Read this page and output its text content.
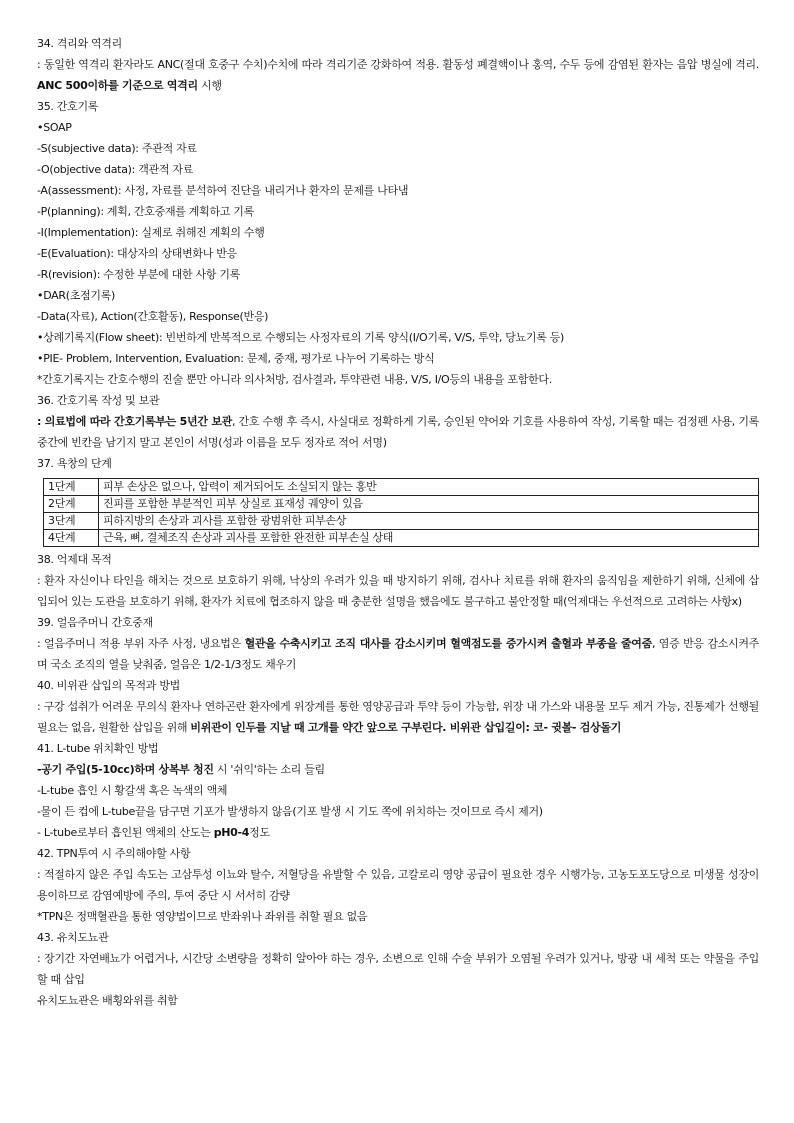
34. 격리와 역격리
: 동일한 역격리 환자라도 ANC(절대 호중구 수치)수치에 따라 격리기준 강화하여 적용. 활동성 폐결핵이나 홍역, 수두 등에 감염된 환자는 음압 병실에 격리. ANC 500이하를 기준으로 역격리 시행
35. 간호기록
•SOAP
-S(subjective data): 주관적 자료
-O(objective data): 객관적 자료
-A(assessment): 사정, 자료를 분석하여 진단을 내리거나 환자의 문제를 나타냄
-P(planning): 계획, 간호중재를 계획하고 기록
-I(Implementation): 실제로 취해진 계획의 수행
-E(Evaluation): 대상자의 상태변화나 반응
-R(revision): 수정한 부분에 대한 사항 기록
•DAR(초점기록)
-Data(자료), Action(간호활동), Response(반응)
•상례기록지(Flow sheet): 빈번하게 반복적으로 수행되는 사정자료의 기록 양식(I/O기록, V/S, 투약, 당뇨기록 등)
•PIE- Problem, Intervention, Evaluation: 문제, 중재, 평가로 나누어 기록하는 방식
*간호기록지는 간호수행의 진술 뿐만 아니라 의사처방, 검사결과, 투약관련 내용, V/S, I/O등의 내용을 포함한다.
36. 간호기록 작성 및 보관
: 의료법에 따라 간호기록부는 5년간 보관, 간호 수행 후 즉시, 사실대로 정확하게 기록, 승인된 약어와 기호를 사용하여 작성, 기록할 때는 검정펜 사용, 기록 중간에 빈칸을 남기지 말고 본인이 서명(성과 이름을 모두 정자로 적어 서명)
37. 욕창의 단계
1단계	피부 손상은 없으나, 압력이 제거되어도 소실되지 않는 홍반
2단계	진피를 포함한 부분적인 피부 상실로 표재성 궤양이 있음
3단계	피하지방의 손상과 괴사를 포함한 광범위한 피부손상
4단계	근육, 뼈, 결체조직 손상과 괴사를 포함한 완전한 피부손실 상태
38. 억제대 목적
: 환자 자신이나 타인을 해치는 것으로 보호하기 위해, 낙상의 우려가 있을 때 방지하기 위해, 검사나 치료를 위해 환자의 움직임을 제한하기 위해, 신체에 삽입되어 있는 도관을 보호하기 위해, 환자가 치료에 협조하지 않을 때 충분한 설명을 했음에도 불구하고 불안정할 때(억제대는 우선적으로 고려하는 사항x)
39. 얼음주머니 간호중재
: 얼음주머니 적용 부위 자주 사정, 냉요법은 혈관을 수축시키고 조직 대사를 감소시키며 혈액점도를 증가시켜 출혈과 부종을 줄여줌, 염증 반응 감소시켜주며 국소 조직의 열을 낮춰줌, 얼음은 1/2-1/3정도 채우기
40. 비위관 삽입의 목적과 방법
: 구강 섭취가 어려운 무의식 환자나 연하곤란 환자에게 위장계를 통한 영양공급과 투약 등이 가능함, 위장 내 가스와 내용물 모두 제거 가능, 진통제가 선행될 필요는 없음, 원활한 삽입을 위해 비위관이 인두를 지날 때 고개를 약간 앞으로 구부린다. 비위관 삽입길이: 코- 귓볼- 검상돌기
41. L-tube 위치확인 방법
-공기 주입(5-10cc)하며 상복부 청진 시 '쉬익'하는 소리 들림
-L-tube 흡인 시 황갈색 혹은 녹색의 액체
-물이 든 컵에 L-tube끝을 담구면 기포가 발생하지 않음(기포 발생 시 기도 쪽에 위치하는 것이므로 즉시 제거)
- L-tube로부터 흡인된 액체의 산도는 pH0-4정도
42. TPN투여 시 주의해야할 사항
: 적절하지 않은 주입 속도는 고삼투성 이뇨와 탈수, 저혈당을 유발할 수 있음, 고칼로리 영양 공급이 필요한 경우 시행가능, 고농도포도당으로 미생물 성장이 용이하므로 감염예방에 주의, 투여 중단 시 서서히 감량
*TPN은 정맥혈관을 통한 영양법이므로 반좌위나 좌위를 취할 필요 없음
43. 유치도뇨관
: 장기간 자연배뇨가 어렵거나, 시간당 소변량을 정확히 알아야 하는 경우, 소변으로 인해 수술 부위가 오염될 우려가 있거나, 방광 내 세척 또는 약물을 주입할 때 삽입
유치도뇨관은 배횡와위를 취함
